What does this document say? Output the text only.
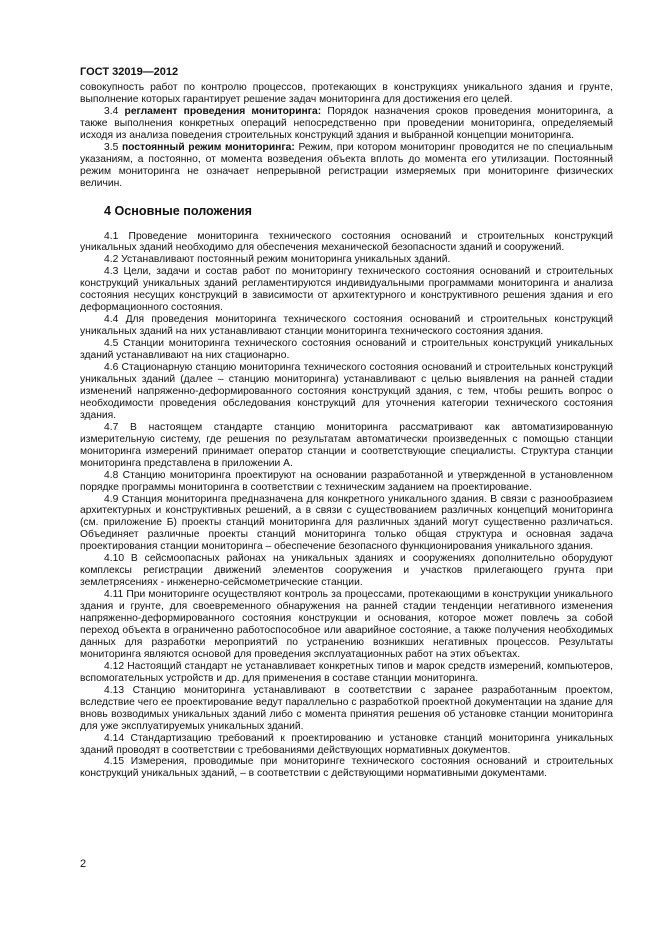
ГОСТ 32019—2012

совокупность работ по контролю процессов, протекающих в конструкциях уникального здания и грунте, выполнение которых гарантирует решение задач мониторинга для достижения его целей.

3.4 регламент проведения мониторинга: Порядок назначения сроков проведения мониторинга, а также выполнения конкретных операций непосредственно при проведении мониторинга, определяемый исходя из анализа поведения строительных конструкций здания и выбранной концепции мониторинга.

3.5 постоянный режим мониторинга: Режим, при котором мониторинг проводится не по специальным указаниям, а постоянно, от момента возведения объекта вплоть до момента его утилизации. Постоянный режим мониторинга не означает непрерывной регистрации измеряемых при мониторинге физических величин.

4 Основные положения

4.1 Проведение мониторинга технического состояния оснований и строительных конструкций уникальных зданий необходимо для обеспечения механической безопасности зданий и сооружений.

4.2 Устанавливают постоянный режим мониторинга уникальных зданий.

4.3 Цели, задачи и состав работ по мониторингу технического состояния оснований и строительных конструкций уникальных зданий регламентируются индивидуальными программами мониторинга и анализа состояния несущих конструкций в зависимости от архитектурного и конструктивного решения здания и его деформационного состояния.

4.4 Для проведения мониторинга технического состояния оснований и строительных конструкций уникальных зданий на них устанавливают станции мониторинга технического состояния здания.

4.5 Станции мониторинга технического состояния оснований и строительных конструкций уникальных зданий устанавливают на них стационарно.

4.6 Стационарную станцию мониторинга технического состояния оснований и строительных конструкций уникальных зданий (далее – станцию мониторинга) устанавливают с целью выявления на ранней стадии изменений напряженно-деформированного состояния конструкций здания, с тем, чтобы решить вопрос о необходимости проведения обследования конструкций для уточнения категории технического состояния здания.

4.7 В настоящем стандарте станцию мониторинга рассматривают как автоматизированную измерительную систему, где решения по результатам автоматически произведенных с помощью станции мониторинга измерений принимает оператор станции и соответствующие специалисты. Структура станции мониторинга представлена в приложении А.

4.8 Станцию мониторинга проектируют на основании разработанной и утвержденной в установленном порядке программы мониторинга в соответствии с техническим заданием на проектирование.

4.9 Станция мониторинга предназначена для конкретного уникального здания. В связи с разнообразием архитектурных и конструктивных решений, а в связи с существованием различных концепций мониторинга (см. приложение Б) проекты станций мониторинга для различных зданий могут существенно различаться. Объединяет различные проекты станций мониторинга только общая структура и основная задача проектирования станции мониторинга – обеспечение безопасного функционирования уникального здания.

4.10 В сейсмоопасных районах на уникальных зданиях и сооружениях дополнительно оборудуют комплексы регистрации движений элементов сооружения и участков прилегающего грунта при землетрясениях - инженерно-сейсмометрические станции.

4.11 При мониторинге осуществляют контроль за процессами, протекающими в конструкции уникального здания и грунте, для своевременного обнаружения на ранней стадии тенденции негативного изменения напряженно-деформированного состояния конструкции и основания, которое может повлечь за собой переход объекта в ограниченно работоспособное или аварийное состояние, а также получения необходимых данных для разработки мероприятий по устранению возникших негативных процессов. Результаты мониторинга являются основой для проведения эксплуатационных работ на этих объектах.

4.12 Настоящий стандарт не устанавливает конкретных типов и марок средств измерений, компьютеров, вспомогательных устройств и др. для применения в составе станции мониторинга.

4.13 Станцию мониторинга устанавливают в соответствии с заранее разработанным проектом, вследствие чего ее проектирование ведут параллельно с разработкой проектной документации на здание для вновь возводимых уникальных зданий либо с момента принятия решения об установке станции мониторинга для уже эксплуатируемых уникальных зданий.

4.14 Стандартизацию требований к проектированию и установке станций мониторинга уникальных зданий проводят в соответствии с требованиями действующих нормативных документов.

4.15 Измерения, проводимые при мониторинге технического состояния оснований и строительных конструкций уникальных зданий, – в соответствии с действующими нормативными документами.

2
